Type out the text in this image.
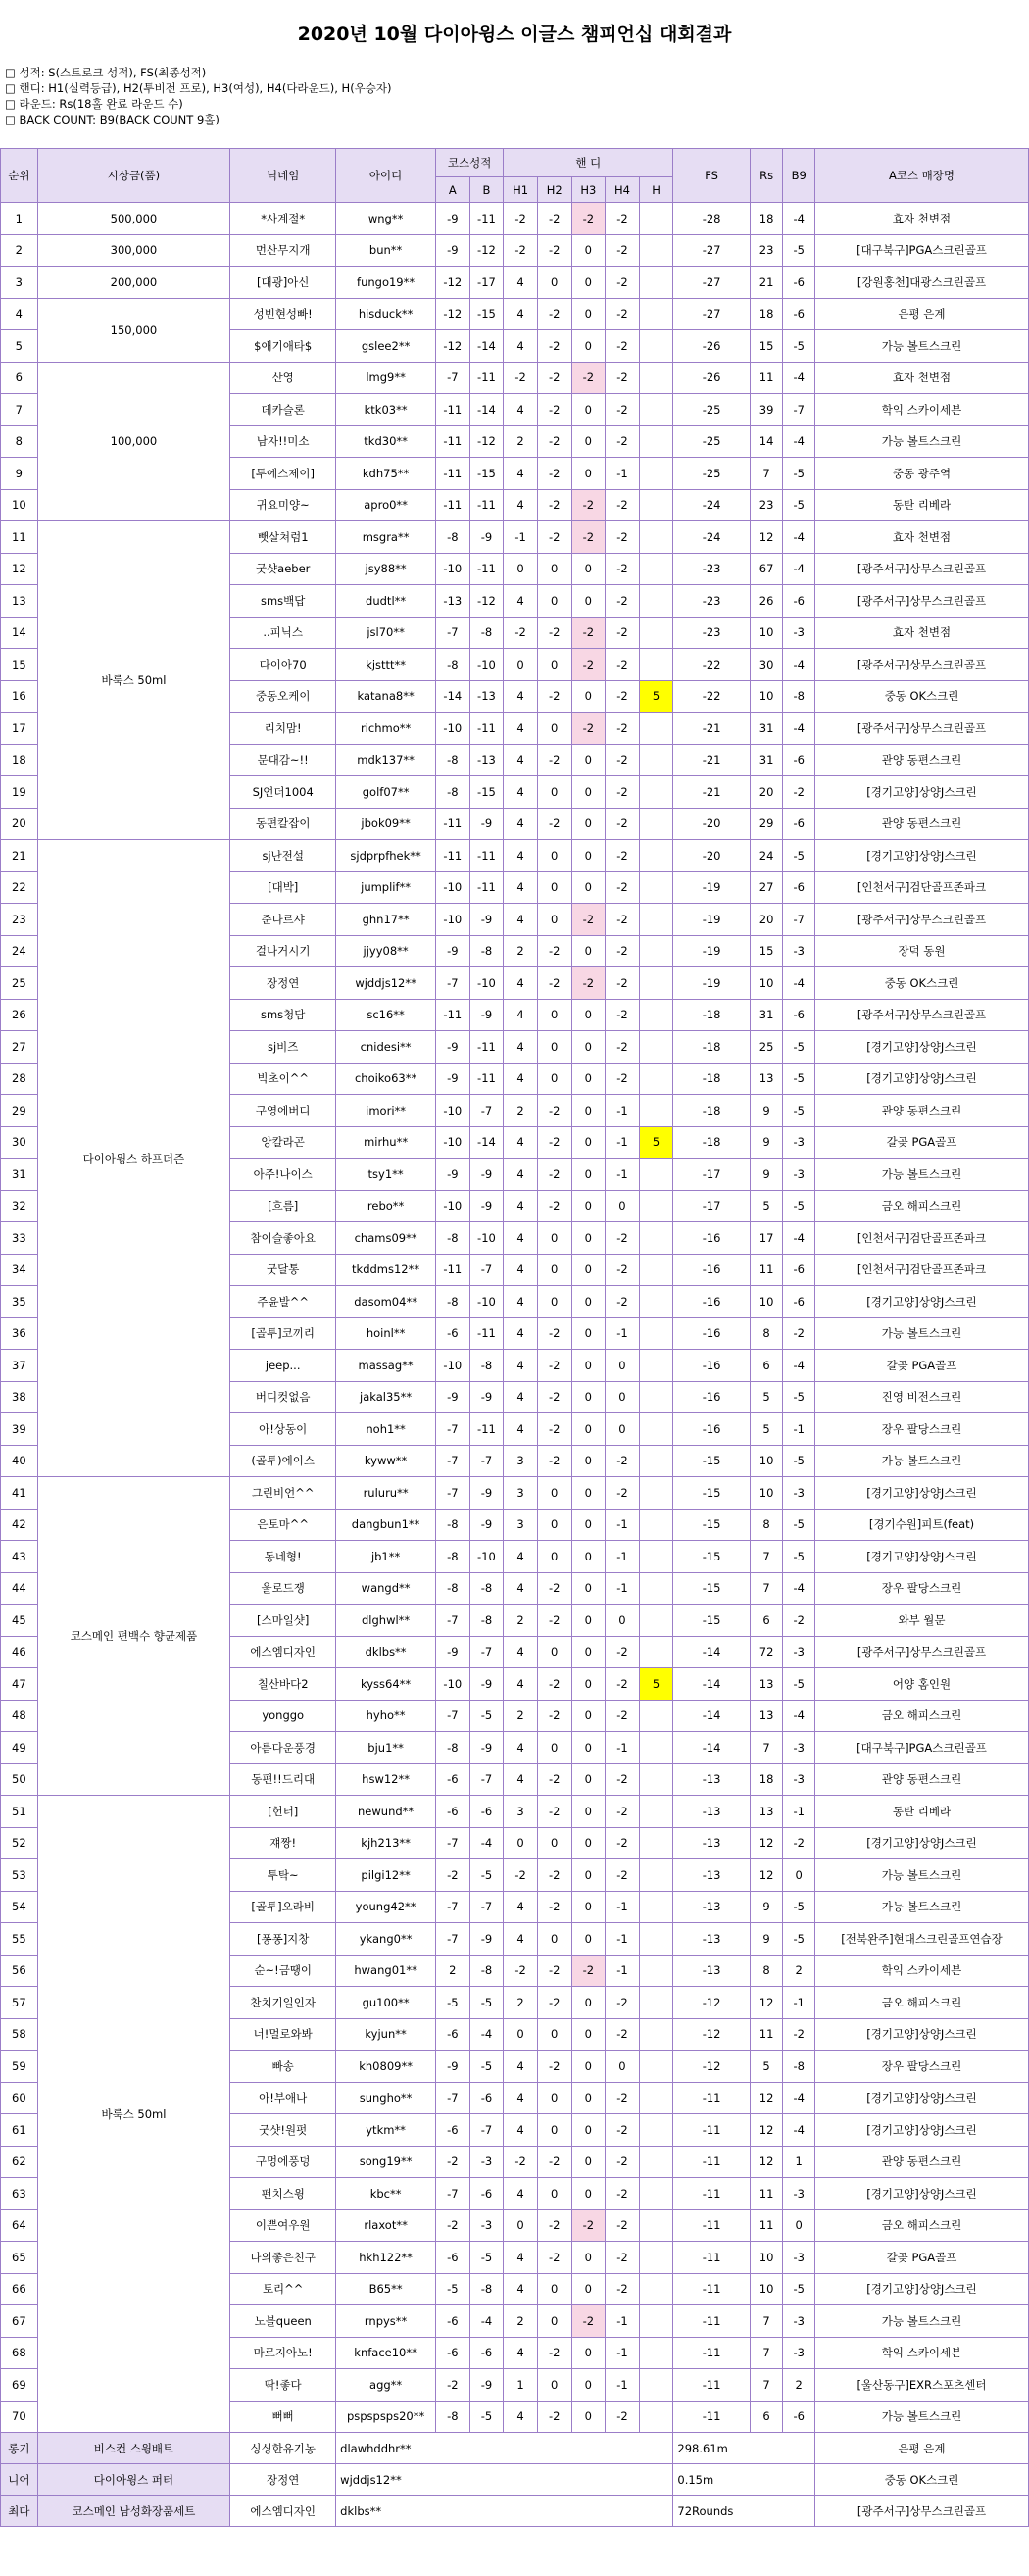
2020년 10월 다이아윙스 이글스 챔피언십 대회결과
□ 성적: S(스트로크 성적), FS(최종성적)
□ 핸디: H1(실력등급), H2(투비전 프로), H3(여성), H4(다라운드), H(우승자)
□ 라운드: Rs(18홀 완료 라운드 수)
□ BACK COUNT: B9(BACK COUNT 9홀)
순위	시상금(품)	닉네임	아이디	코스성적		핸 디					FS	Rs	B9	A코스 매장명
				A	B	H1	H2	H3	H4	H				
1	500,000	*사계절*	wng**	-9	-11	-2	-2	-2	-2		-28	18	-4	효자 천변점
2	300,000	먼산무지개	bun**	-9	-12	-2	-2	0	-2		-27	23	-5	[대구북구]PGA스크린골프
3	200,000	[대광]아신	fungo19**	-12	-17	4	0	0	-2		-27	21	-6	[강원홍천]대광스크린골프
4	150,000	성빈현성빠!	hisduck**	-12	-15	4	-2	0	-2		-27	18	-6	은평 은계
5		$애기애타$	gslee2**	-12	-14	4	-2	0	-2		-26	15	-5	가능 볼트스크린
6	100,000	산영	lmg9**	-7	-11	-2	-2	-2	-2		-26	11	-4	효자 천변점
7		데카슬론	ktk03**	-11	-14	4	-2	0	-2		-25	39	-7	학익 스카이세븐
8		남자!!미소	tkd30**	-11	-12	2	-2	0	-2		-25	14	-4	가능 볼트스크린
9		[투에스제이]	kdh75**	-11	-15	4	-2	0	-1		-25	7	-5	중동 광주역
10		귀요미양~	apro0**	-11	-11	4	-2	-2	-2		-24	23	-5	동탄 리베라
11	바룩스 50ml	뺏살쳐럼1	msgra**	-8	-9	-1	-2	-2	-2		-24	12	-4	효자 천변점
12		굿샷aeber	jsy88**	-10	-11	0	0	0	-2		-23	67	-4	[광주서구]상무스크린골프
13		sms백답	dudtl**	-13	-12	4	0	0	-2		-23	26	-6	[광주서구]상무스크린골프
14		..피닉스	jsl70**	-7	-8	-2	-2	-2	-2		-23	10	-3	효자 천변점
15		다이아70	kjsttt**	-8	-10	0	0	-2	-2		-22	30	-4	[광주서구]상무스크린골프
16		중동오케이	katana8**	-14	-13	4	-2	0	-2	5	-22	10	-8	중동 OK스크린
17		리치맘!	richmo**	-10	-11	4	0	-2	-2		-21	31	-4	[광주서구]상무스크린골프
18		문대감~!!	mdk137**	-8	-13	4	-2	0	-2		-21	31	-6	관양 동편스크린
19		SJ언더1004	golf07**	-8	-15	4	0	0	-2		-21	20	-2	[경기고양]상양J스크린
20		동편칼잡이	jbok09**	-11	-9	4	-2	0	-2		-20	29	-6	관양 동편스크린
21	다이아윙스 하프더즌	sj난전설	sjdprpfhek**	-11	-11	4	0	0	-2		-20	24	-5	[경기고양]상양J스크린
22		[대박]	jumplif**	-10	-11	4	0	0	-2		-19	27	-6	[인천서구]검단골프존파크
23		준나르샤	ghn17**	-10	-9	4	0	-2	-2		-19	20	-7	[광주서구]상무스크린골프
24		걸나거시기	jjyy08**	-9	-8	2	-2	0	-2		-19	15	-3	장덕 동원
25		장정연	wjddjs12**	-7	-10	4	-2	-2	-2		-19	10	-4	중동 OK스크린
26		sms청담	sc16**	-11	-9	4	0	0	-2		-18	31	-6	[광주서구]상무스크린골프
27		sj비즈	cnidesi**	-9	-11	4	0	0	-2		-18	25	-5	[경기고양]상양J스크린
28		빅초이^^	choiko63**	-9	-11	4	0	0	-2		-18	13	-5	[경기고양]상양J스크린
29		구영에버디	imori**	-10	-7	2	-2	0	-1		-18	9	-5	관양 동편스크린
30		앙칼라곤	mirhu**	-10	-14	4	-2	0	-1	5	-18	9	-3	갈곶 PGA골프
31		아주!나이스	tsy1**	-9	-9	4	-2	0	-1		-17	9	-3	가능 볼트스크린
32		[흐름]	rebo**	-10	-9	4	-2	0	0		-17	5	-5	금오 해피스크린
33		참이슬좋아요	chams09**	-8	-10	4	0	0	-2		-16	17	-4	[인천서구]검단골프존파크
34		굿달통	tkddms12**	-11	-7	4	0	0	-2		-16	11	-6	[인천서구]검단골프존파크
35		주윤발^^	dasom04**	-8	-10	4	0	0	-2		-16	10	-6	[경기고양]상양J스크린
36		[골투]코끼리	hoinl**	-6	-11	4	-2	0	-1		-16	8	-2	가능 볼트스크린
37		jeep...	massag**	-10	-8	4	-2	0	0		-16	6	-4	갈곶 PGA골프
38		버디컷없음	jakal35**	-9	-9	4	-2	0	0		-16	5	-5	진영 비전스크린
39		아!상동이	noh1**	-7	-11	4	-2	0	0		-16	5	-1	장우 팔당스크린
40		(골투)에이스	kyww**	-7	-7	3	-2	0	-2		-15	10	-5	가능 볼트스크린
41	코스메인 편백수 향균제품	그린비언^^	ruluru**	-7	-9	3	0	0	-2		-15	10	-3	[경기고양]상양J스크린
42		은토마^^	dangbun1**	-8	-9	3	0	0	-1		-15	8	-5	[경기수원]피트(feat)
43		동네형!	jb1**	-8	-10	4	0	0	-1		-15	7	-5	[경기고양]상양J스크린
44		울로드쟁	wangd**	-8	-8	4	-2	0	-1		-15	7	-4	장우 팔당스크린
45		[스마일샷]	dlghwl**	-7	-8	2	-2	0	0		-15	6	-2	와부 월문
46		에스엠디자인	dklbs**	-9	-7	4	0	0	-2		-14	72	-3	[광주서구]상무스크린골프
47		칠산바다2	kyss64**	-10	-9	4	-2	0	-2	5	-14	13	-5	어양 홈인원
48		yonggo	hyho**	-7	-5	2	-2	0	-2		-14	13	-4	금오 해피스크린
49		아름다운풍경	bju1**	-8	-9	4	0	0	-1		-14	7	-3	[대구북구]PGA스크린골프
50		동편!!드리대	hsw12**	-6	-7	4	-2	0	-2		-13	18	-3	관양 동편스크린
51	바룩스 50ml	[헌터]	newund**	-6	-6	3	-2	0	-2		-13	13	-1	동탄 리베라
52		쟤짱!	kjh213**	-7	-4	0	0	0	-2		-13	12	-2	[경기고양]상양J스크린
53		투탁~	pilgi12**	-2	-5	-2	-2	0	-2		-13	12	0	가능 볼트스크린
54		[골투]오라비	young42**	-7	-7	4	-2	0	-1		-13	9	-5	가능 볼트스크린
55		[퐁퐁]지창	ykang0**	-7	-9	4	0	0	-1		-13	9	-5	[전북완주]현대스크린골프연습장
56		순~!금땡이	hwang01**	2	-8	-2	-2	-2	-1		-13	8	2	학익 스카이세븐
57		찬치기일인자	gu100**	-5	-5	2	-2	0	-2		-12	12	-1	금오 해피스크린
58		너!멀로와봐	kyjun**	-6	-4	0	0	0	-2		-12	11	-2	[경기고양]상양J스크린
59		빠송	kh0809**	-9	-5	4	-2	0	0		-12	5	-8	장우 팔당스크린
60		아!부애나	sungho**	-7	-6	4	0	0	-2		-11	12	-4	[경기고양]상양J스크린
61		굿샷!원펏	ytkm**	-6	-7	4	0	0	-2		-11	12	-4	[경기고양]상양J스크린
62		구멍에풍덩	song19**	-2	-3	-2	-2	0	-2		-11	12	1	관양 동편스크린
63		펀치스윙	kbc**	-7	-6	4	0	0	-2		-11	11	-3	[경기고양]상양J스크린
64		이쁜여우원	rlaxot**	-2	-3	0	-2	-2	-2		-11	11	0	금오 해피스크린
65		나의좋은친구	hkh122**	-6	-5	4	-2	0	-2		-11	10	-3	갈곶 PGA골프
66		토리^^	B65**	-5	-8	4	0	0	-2		-11	10	-5	[경기고양]상양J스크린
67		노블queen	rnpys**	-6	-4	2	0	-2	-1		-11	7	-3	가능 볼트스크린
68		마르지아노!	knface10**	-6	-6	4	-2	0	-1		-11	7	-3	학익 스카이세븐
69		딱!좋다	agg**	-2	-9	1	0	0	-1		-11	7	2	[울산동구]EXR스포츠센터
70		뻐뻐	pspspsps20**	-8	-5	4	-2	0	-2		-11	6	-6	가능 볼트스크린
롱기	비스컨 스윙배트	싱싱한유기농	dlawhddhr**								298.61m			은평 은계
니어	다이아윙스 퍼터	장정연	wjddjs12**								0.15m			중동 OK스크린
최다	코스메인 남성화장품세트	에스엠디자인	dklbs**								72Rounds			[광주서구]상무스크린골프
